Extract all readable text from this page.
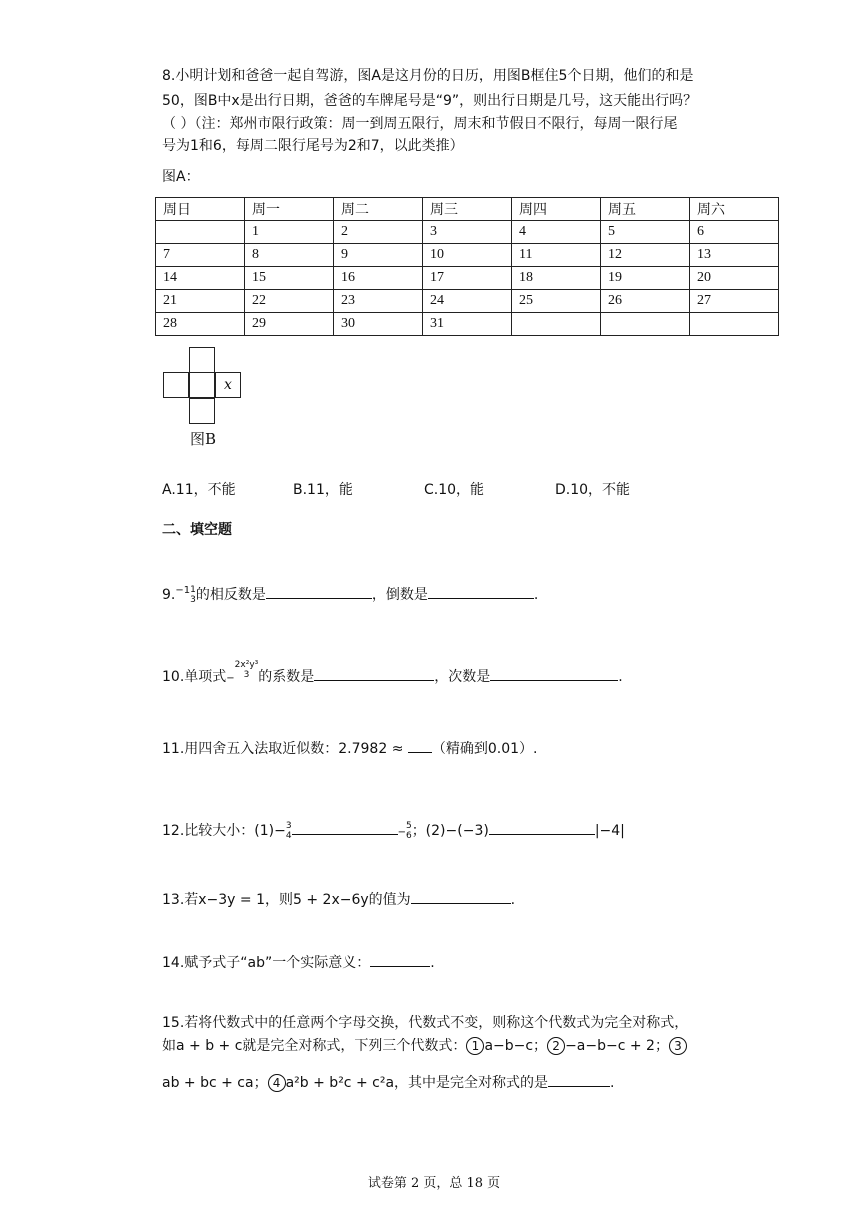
8.小明计划和爸爸一起自驾游，图A是这月份的日历，用图B框住5个日期，他们的和是
50，图B中x是出行日期，爸爸的车牌尾号是“9”，则出行日期是几号，这天能出行吗？
（ ）（注：郑州市限行政策：周一到周五限行，周末和节假日不限行，每周一限行尾
号为1和6，每周二限行尾号为2和7，以此类推）
图A：
周日	周一	周二	周三	周四	周五	周六
	1	2	3	4	5	6
7	8	9	10	11	12	13
14	15	16	17	18	19	20
21	22	23	24	25	26	27
28	29	30	31			
x
图B
A.11，不能	B.11，能	C.10，能	D.10，不能
二、填空题
9.$^{-1}$ 1
3 的相反数是	，倒数是	.
10.单项式−
2x²y³
3 的系数是	，次数是	.
11.用四舍五入法取近似数：2.7982 ≈ （精确到0.01）.
12.比较大小：(1)− 3
4	−
5
6 ；(2)−(−3)	|−4|
13.若x−3y = 1，则5 + 2x−6y的值为	.
14.赋予式子“ab”一个实际意义：	.
15.若将代数式中的任意两个字母交换，代数式不变，则称这个代数式为完全对称式，
如a + b + c就是完全对称式，下列三个代数式： 1 a−b−c； 2 −a−b−c + 2； 3
ab + bc + ca； 4 a²b + b²c + c²a，其中是完全对称式的是	.
试卷第 2 页，总 18 页
